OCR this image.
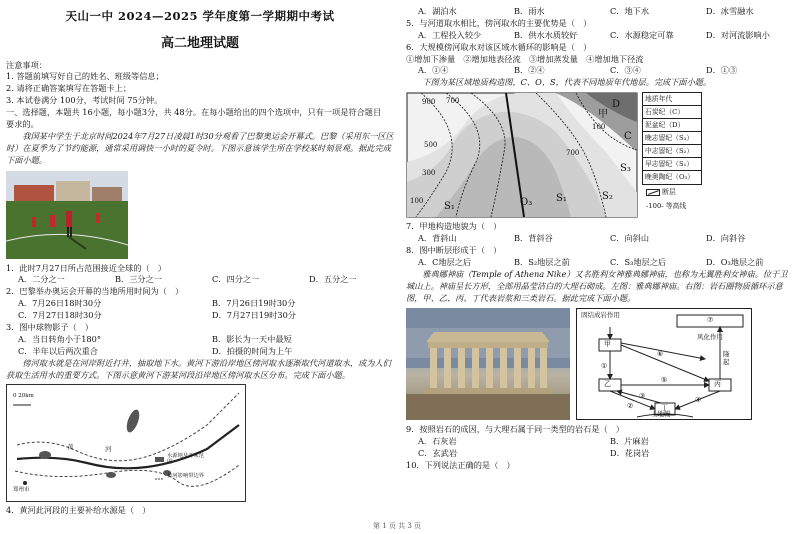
天山一中 2024—2025 学年度第一学期期中考试
高二地理试题
注意事项：
1. 答题前填写好自己的姓名、班级等信息；
2. 请将正确答案填写在答题卡上；
3. 本试卷满分 100分，考试时间 75分钟。
一、选择题，本题共 16小题，每小题3分，共 48分。在每小题给出的四个选项中，只有一项是符合题目
要求的。
我国某中学生于北京时间2024年7月27日凌晨1时30分观看了巴黎奥运会开幕式。巴黎（采用东一区区时）在夏季为了节约能源，通常采用调快一小时的夏令时。下图示意该学生所在学校某时刻景观。据此完成下面小题。
1．此时7月27日所占范围接近全球的（　）
A．二分之一	B．三分之一	C．四分之一	D．五分之一
2．巴黎举办奥运会开幕的当地所用时间为（　）
A．7月26日18时30分	B．7月26日19时30分
C．7月27日18时30分	D．7月27日19时30分
3．图中球物影子（　）
A．当日转角小于180°	B．影长为一天中最短
C．半年以后两次重合	D．拍摄的时间为上午
傍河取水就是在河岸附近打井，抽取地下水。黄河下游沿岸地区傍河取水逐渐取代河道取水，成为人们获取生活用水的重要方式。下图示意黄河下游某河段沿岸地区傍河取水区分布。完成下面小题。
0 20km
黄	河
郑州市
水源地及开采范围
黄河影响带边界
4．黄河此河段的主要补给水源是（　）
A．湖泊水	B．雨水	C．地下水	D．冰雪融水
5．与河道取水相比，傍河取水的主要优势是（　）
A．工程投入较少	B．供水水质较好	C．水源稳定可靠	D．对河流影响小
6．大规模傍河取水对该区域水循环的影响是（　）
①增加下渗量　②增加地表径流　③增加蒸发量　④增加地下径流
A．①④	B．②④	C．③④	D．①③
下图为某区域地质构造图，C、O、S，代表不同地质年代地层。完成下面小题。
900 700
500
300
100
700
100
S₁
S₁	S₂
S₃
O₃
D
C
甲
地质年代
石炭纪（C）
泥盆纪（D）
晚志留纪（S₃）
中志留纪（S₂）
早志留纪（S₁）
晚奥陶纪（O₃）
断层
-100- 等高线
7．甲地构造地貌为（　）
A．背斜山	B．背斜谷	C．向斜山	D．向斜谷
8．图中断层形成于（　）
A．C地层之后	B．S₂地层之前	C．S₃地层之后	D．O₃地层之前
雅典娜神庙（Temple of Athena Nike）又名胜利女神雅典娜神庙，也称为无翼胜利女神庙。位于卫城山上。神庙呈长方形，全部用晶莹洁白的大理石砌成。左图：雅典娜神庙。右图：岩石圈物质循环示意图，甲、乙、丙、丁代表岩浆和三类岩石。据此完成下面小题。
固结成岩作用
⑦
甲
风化作用
隆起
①
⑥
⑤
乙	丙
②
③	④
丁
上地幔
9．按照岩石的成因，与大理石属于同一类型的岩石是（　）
A．石灰岩	B．片麻岩
C．玄武岩	D．花岗岩
10．下列说法正确的是（　）
第 1 页 共 3 页
